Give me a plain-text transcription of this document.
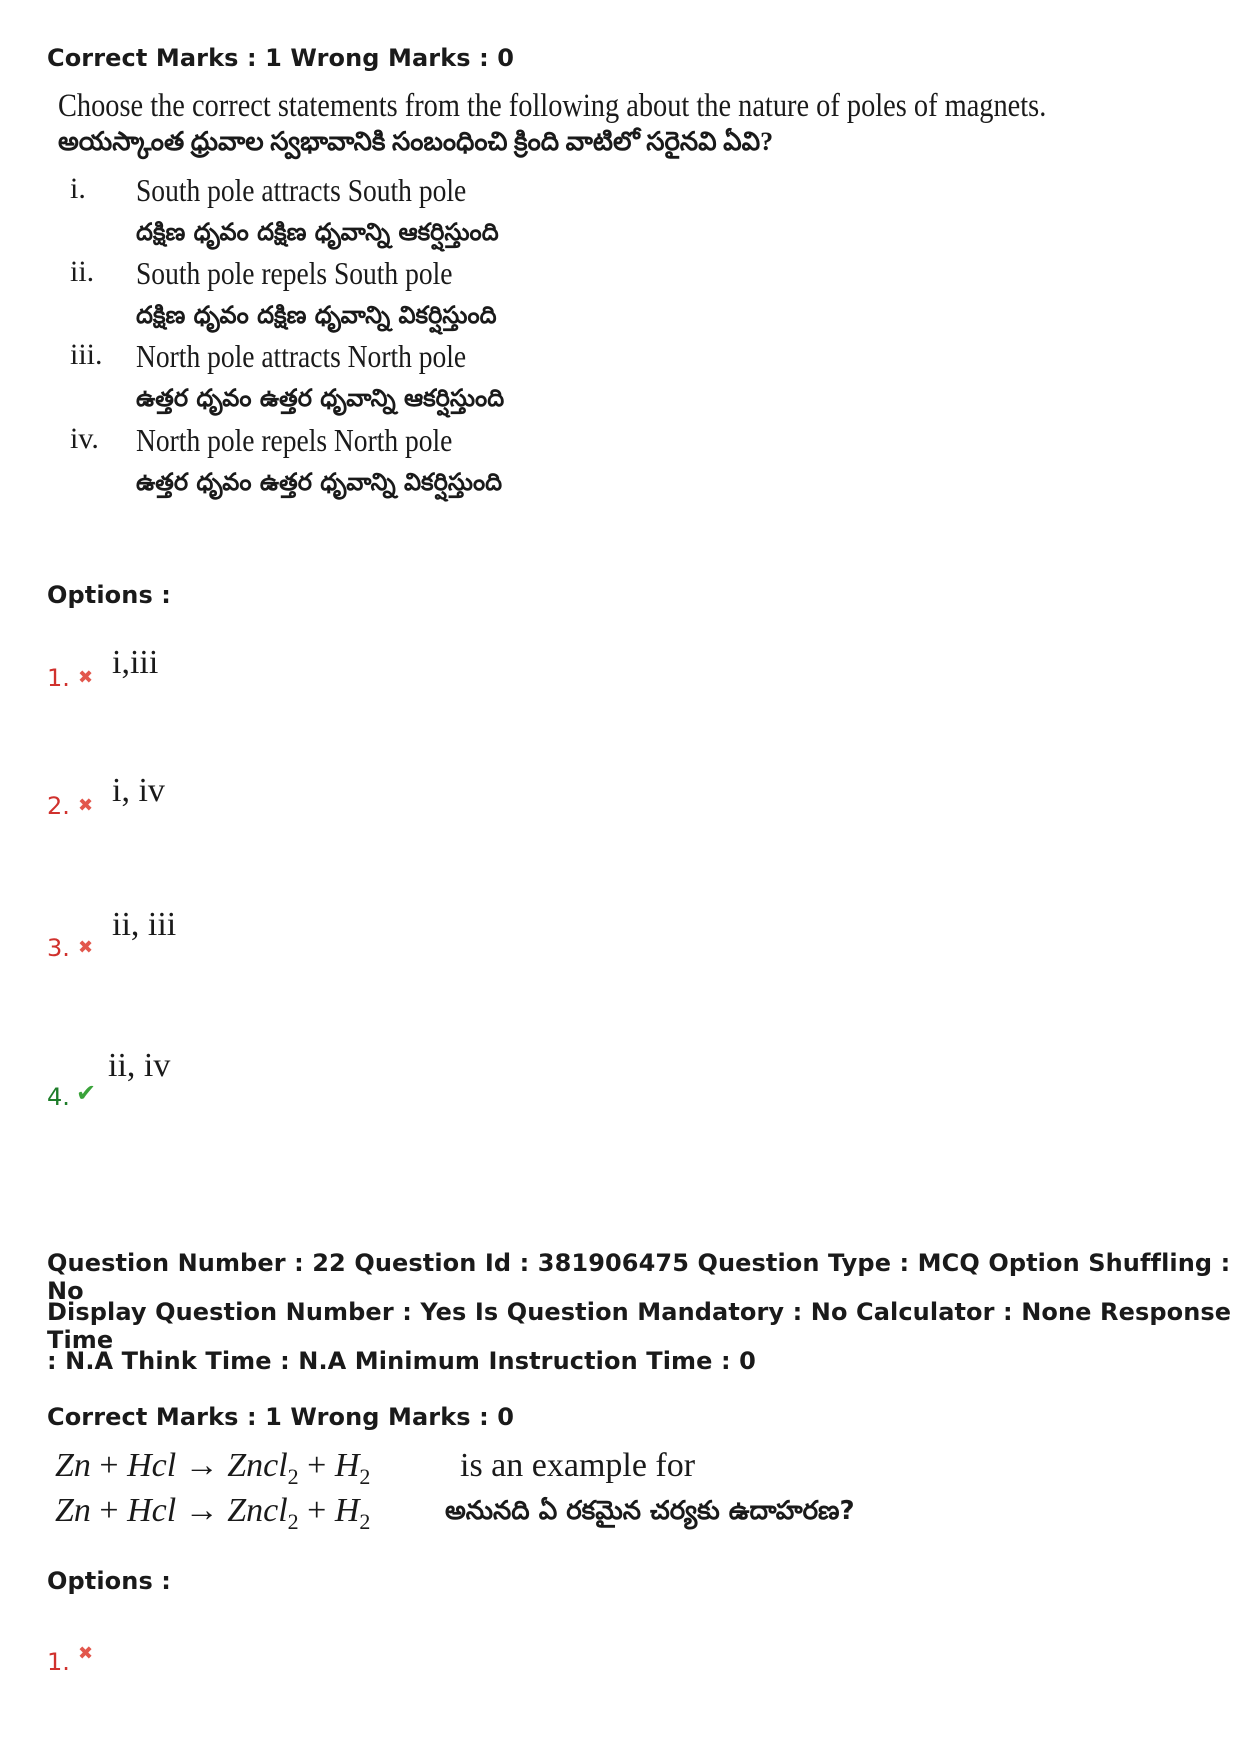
Correct Marks : 1 Wrong Marks : 0
Choose the correct statements from the following about the nature of poles of magnets.
అయస్కాంత ధ్రువాల స్వభావానికి సంబంధించి క్రింది వాటిలో సరైనవి ఏవి?
i. South pole attracts South pole
దక్షిణ ధృవం దక్షిణ ధృవాన్ని ఆకర్షిస్తుంది
ii. South pole repels South pole
దక్షిణ ధృవం దక్షిణ ధృవాన్ని వికర్షిస్తుంది
iii. North pole attracts North pole
ఉత్తర ధృవం ఉత్తర ధృవాన్ని ఆకర్షిస్తుంది
iv. North pole repels North pole
ఉత్తర ధృవం ఉత్తర ధృవాన్ని వికర్షిస్తుంది
Options :
1. ✖ i,iii
2. ✖ i, iv
3. ✖
ii, iii
4. ✔
ii, iv
Question Number : 22 Question Id : 381906475 Question Type : MCQ Option Shuffling : No
Display Question Number : Yes Is Question Mandatory : No Calculator : None Response Time
: N.A Think Time : N.A Minimum Instruction Time : 0
Correct Marks : 1 Wrong Marks : 0
Zn + Hcl → Zncl$_2$ + $H_2$	is an example for
Zn + Hcl → Zncl$_2$ + $H_2$	అనునది ఏ రకమైన చర్యకు ఉదాహరణ?
Options :
1. ✖
